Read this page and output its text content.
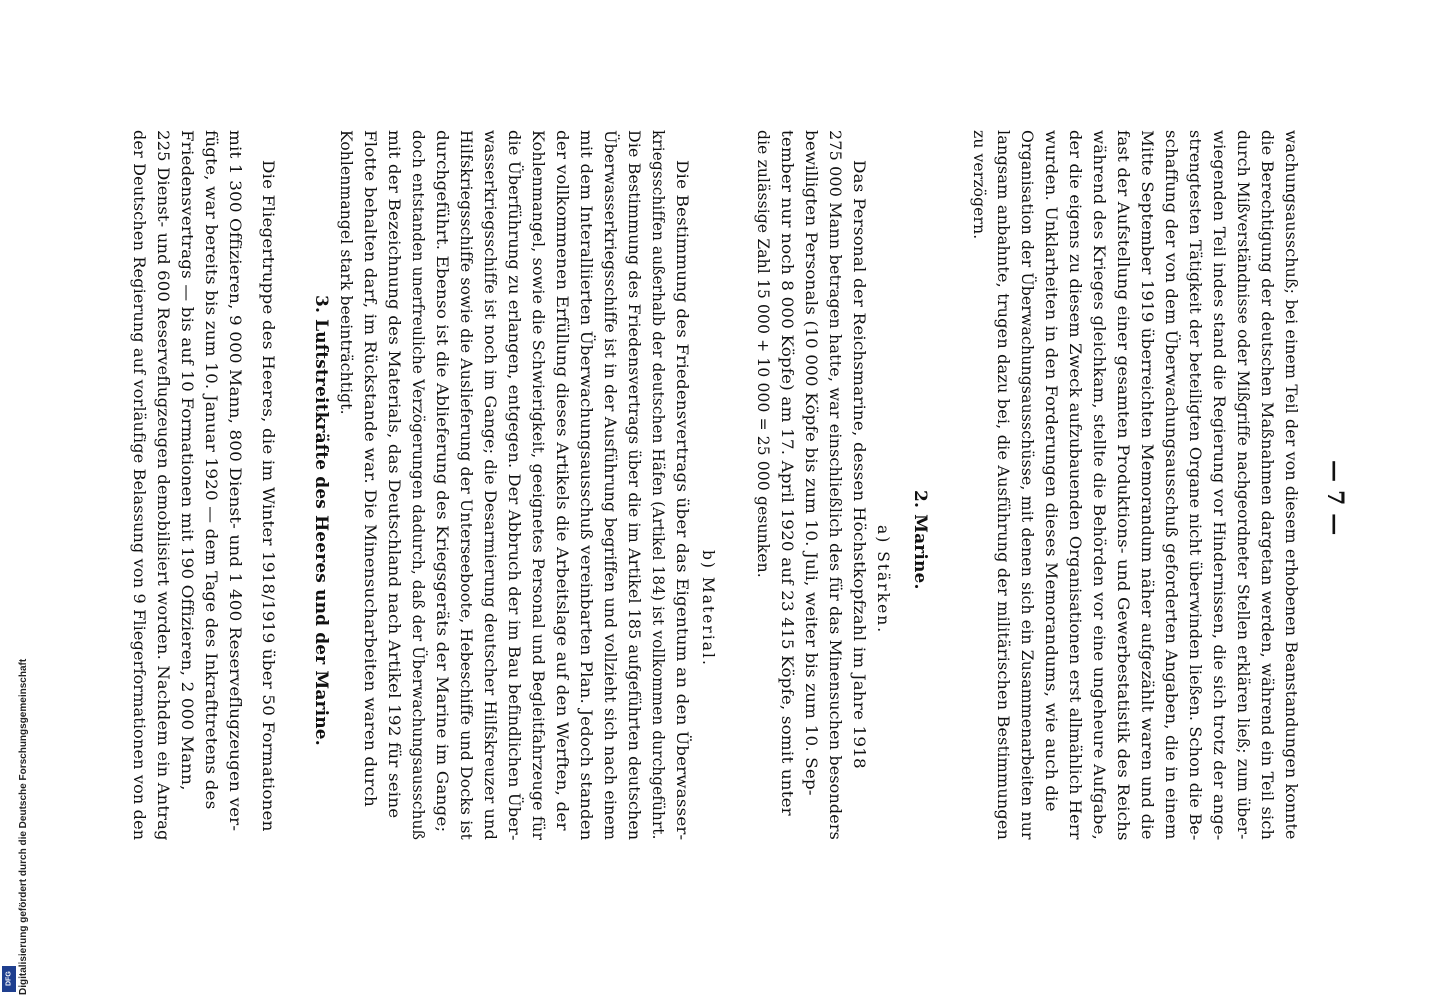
— 7 —
wachungsausschuß; bei einem Teil der von diesem erhobenen Beanstandungen konnte
die Berechtigung der deutschen Maßnahmen dargetan werden, während ein Teil sich
durch Mißverständnisse oder Mißgriffe nachgeordneter Stellen erklären ließ; zum über-
wiegenden Teil indes stand die Regierung vor Hindernissen, die sich trotz der ange-
strengtesten Tätigkeit der beteiligten Organe nicht überwinden ließen. Schon die Be-
schaffung der von dem Überwachungsausschuß geforderten Angaben, die in einem
Mitte September 1919 überreichten Memorandum näher aufgezählt waren und die
fast der Aufstellung einer gesamten Produktions- und Gewerbestatistik des Reichs
während des Krieges gleichkam, stellte die Behörden vor eine ungeheure Aufgabe,
der die eigens zu diesem Zweck aufzubauenden Organisationen erst allmählich Herr
wurden. Unklarheiten in den Forderungen dieses Memorandums, wie auch die
Organisation der Überwachungsausschüsse, mit denen sich ein Zusammenarbeiten nur
langsam anbahnte, trugen dazu bei, die Ausführung der militärischen Bestimmungen
zu verzögern.
2. Marine.
a) Stärken.
Das Personal der Reichsmarine, dessen Höchstkopfzahl im Jahre 1918
275 000 Mann betragen hatte, war einschließlich des für das Minensuchen besonders
bewilligten Personals (10 000 Köpfe bis zum 10. Juli, weiter bis zum 10. Sep-
tember nur noch 8 000 Köpfe) am 17. April 1920 auf 23 415 Köpfe, somit unter
die zulässige Zahl 15 000 + 10 000 = 25 000 gesunken.
b) Material.
Die Bestimmung des Friedensvertrags über das Eigentum an den Überwasser-
kriegsschiffen außerhalb der deutschen Häfen (Artikel 184) ist vollkommen durchgeführt.
Die Bestimmung des Friedensvertrags über die im Artikel 185 aufgeführten deutschen
Überwasserkriegsschiffe ist in der Ausführung begriffen und vollzieht sich nach einem
mit dem Interalliierten Überwachungsausschuß vereinbarten Plan. Jedoch standen
der vollkommenen Erfüllung dieses Artikels die Arbeitslage auf den Werften, der
Kohlenmangel, sowie die Schwierigkeit, geeignetes Personal und Begleitfahrzeuge für
die Überführung zu erlangen, entgegen. Der Abbruch der im Bau befindlichen Über-
wasserkriegsschiffe ist noch im Gange; die Desarmierung deutscher Hilfskreuzer und
Hilfskriegsschiffe sowie die Auslieferung der Unterseeboote, Hebeschiffe und Docks ist
durchgeführt. Ebenso ist die Ablieferung des Kriegsgeräts der Marine im Gange;
doch entstanden unerfreuliche Verzögerungen dadurch, daß der Überwachungsausschuß
mit der Bezeichnung des Materials, das Deutschland nach Artikel 192 für seine
Flotte behalten darf, im Rückstande war. Die Minensucharbeiten waren durch
Kohlenmangel stark beeinträchtigt.
3. Luftstreitkräfte des Heeres und der Marine.
Die Fliegertruppe des Heeres, die im Winter 1918/1919 über 50 Formationen
mit 1 300 Offizieren, 9 000 Mann, 800 Dienst- und 1 400 Reserveflugzeugen ver-
fügte, war bereits bis zum 10. Januar 1920 — dem Tage des Inkrafttretens des
Friedensvertrags — bis auf 10 Formationen mit 190 Offizieren, 2 000 Mann,
225 Dienst- und 600 Reserveflugzeugen demobilisiert worden. Nachdem ein Antrag
der Deutschen Regierung auf vorläufige Belassung von 9 Fliegerformationen von den
Digitalisierung gefördert durch die Deutsche Forschungsgemeinschaft
DFG
